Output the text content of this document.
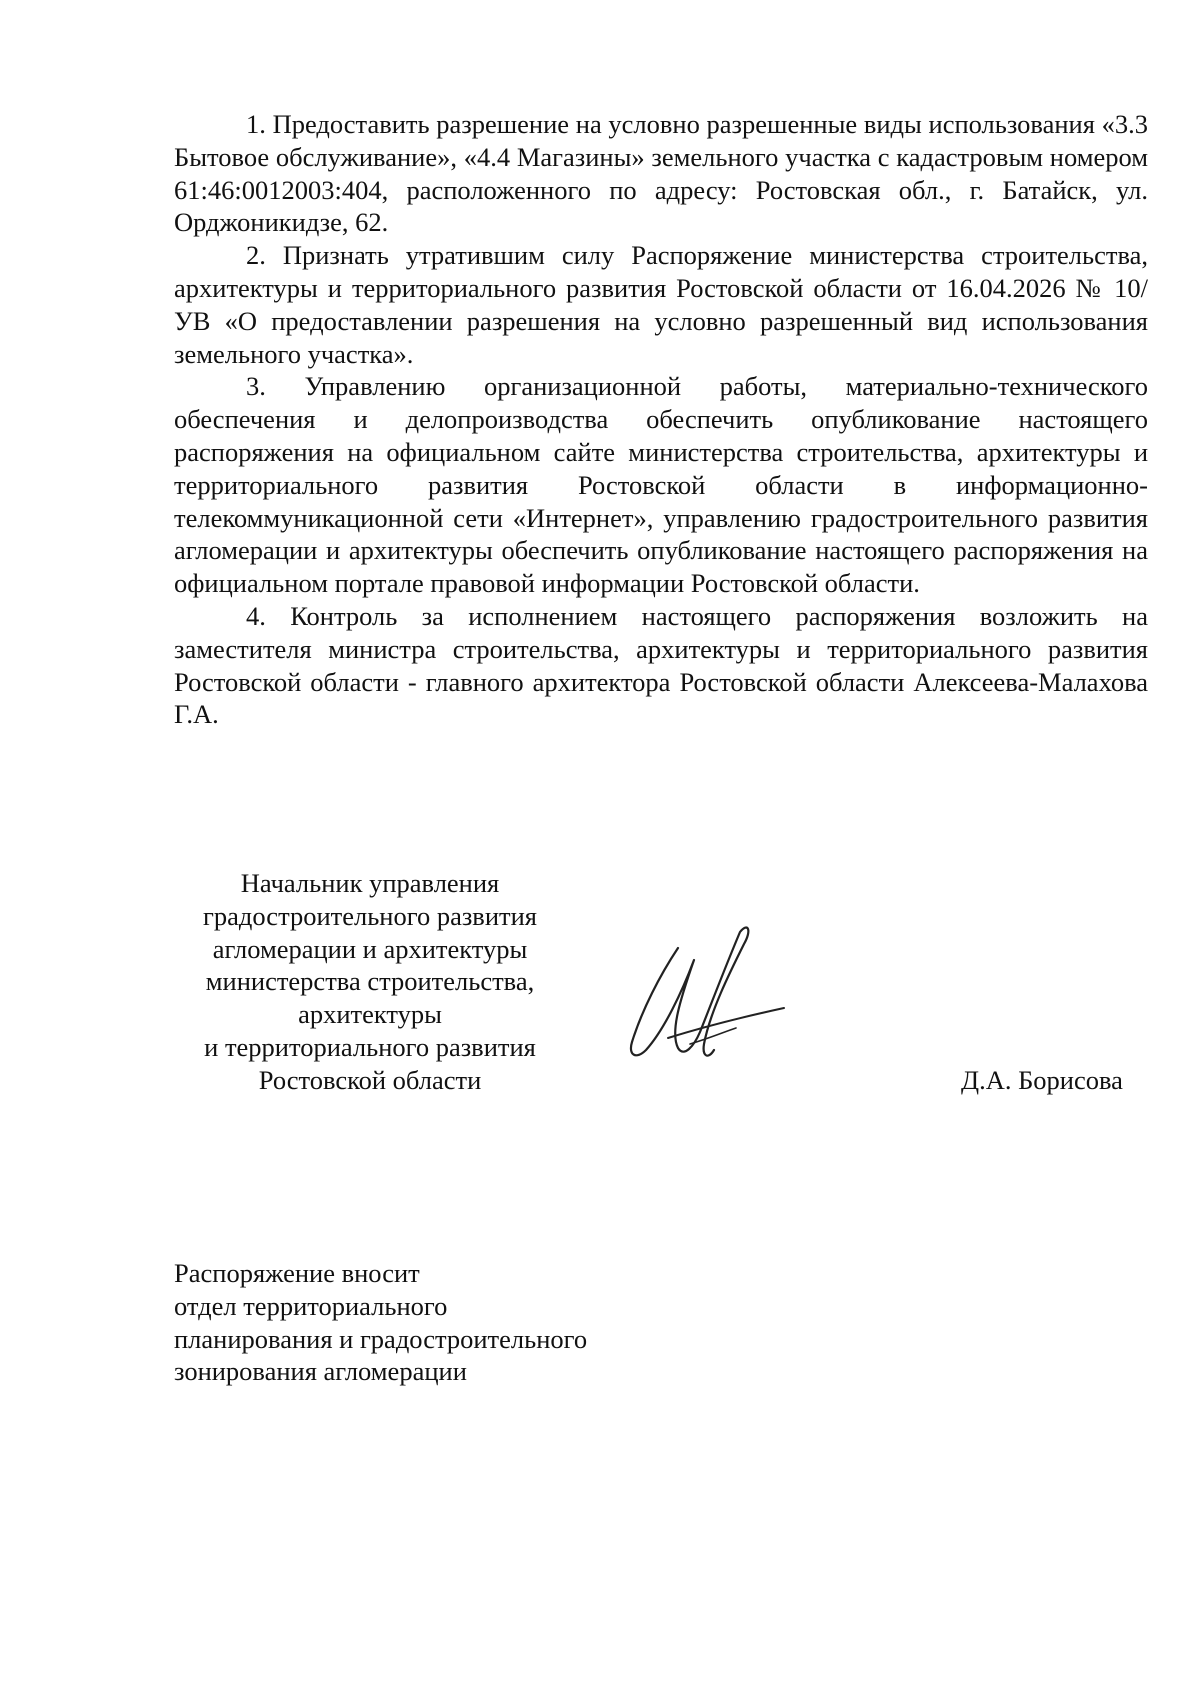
1. Предоставить разрешение на условно разрешенные виды использования «3.3 Бытовое обслуживание», «4.4 Магазины» земельного участка с кадастровым номером 61:46:0012003:404, расположенного по адресу: Ростовская обл., г. Батайск, ул. Орджоникидзе, 62.

2. Признать утратившим силу Распоряжение министерства строительства, архитектуры и территориального развития Ростовской области от 16.04.2026 № 10/УВ «О предоставлении разрешения на условно разрешенный вид использования земельного участка».

3. Управлению организационной работы, материально-технического обеспечения и делопроизводства обеспечить опубликование настоящего распоряжения на официальном сайте министерства строительства, архитектуры и территориального развития Ростовской области в информационно-телекоммуникационной сети «Интернет», управлению градостроительного развития агломерации и архитектуры обеспечить опубликование настоящего распоряжения на официальном портале правовой информации Ростовской области.

4. Контроль за исполнением настоящего распоряжения возложить на заместителя министра строительства, архитектуры и территориального развития Ростовской области - главного архитектора Ростовской области Алексеева-Малахова Г.А.

Начальник управления
градостроительного развития
агломерации и архитектуры
министерства строительства,
архитектуры
и территориального развития
Ростовской области	Д.А. Борисова
Распоряжение вносит
отдел территориального
планирования и градостроительного
зонирования агломерации
